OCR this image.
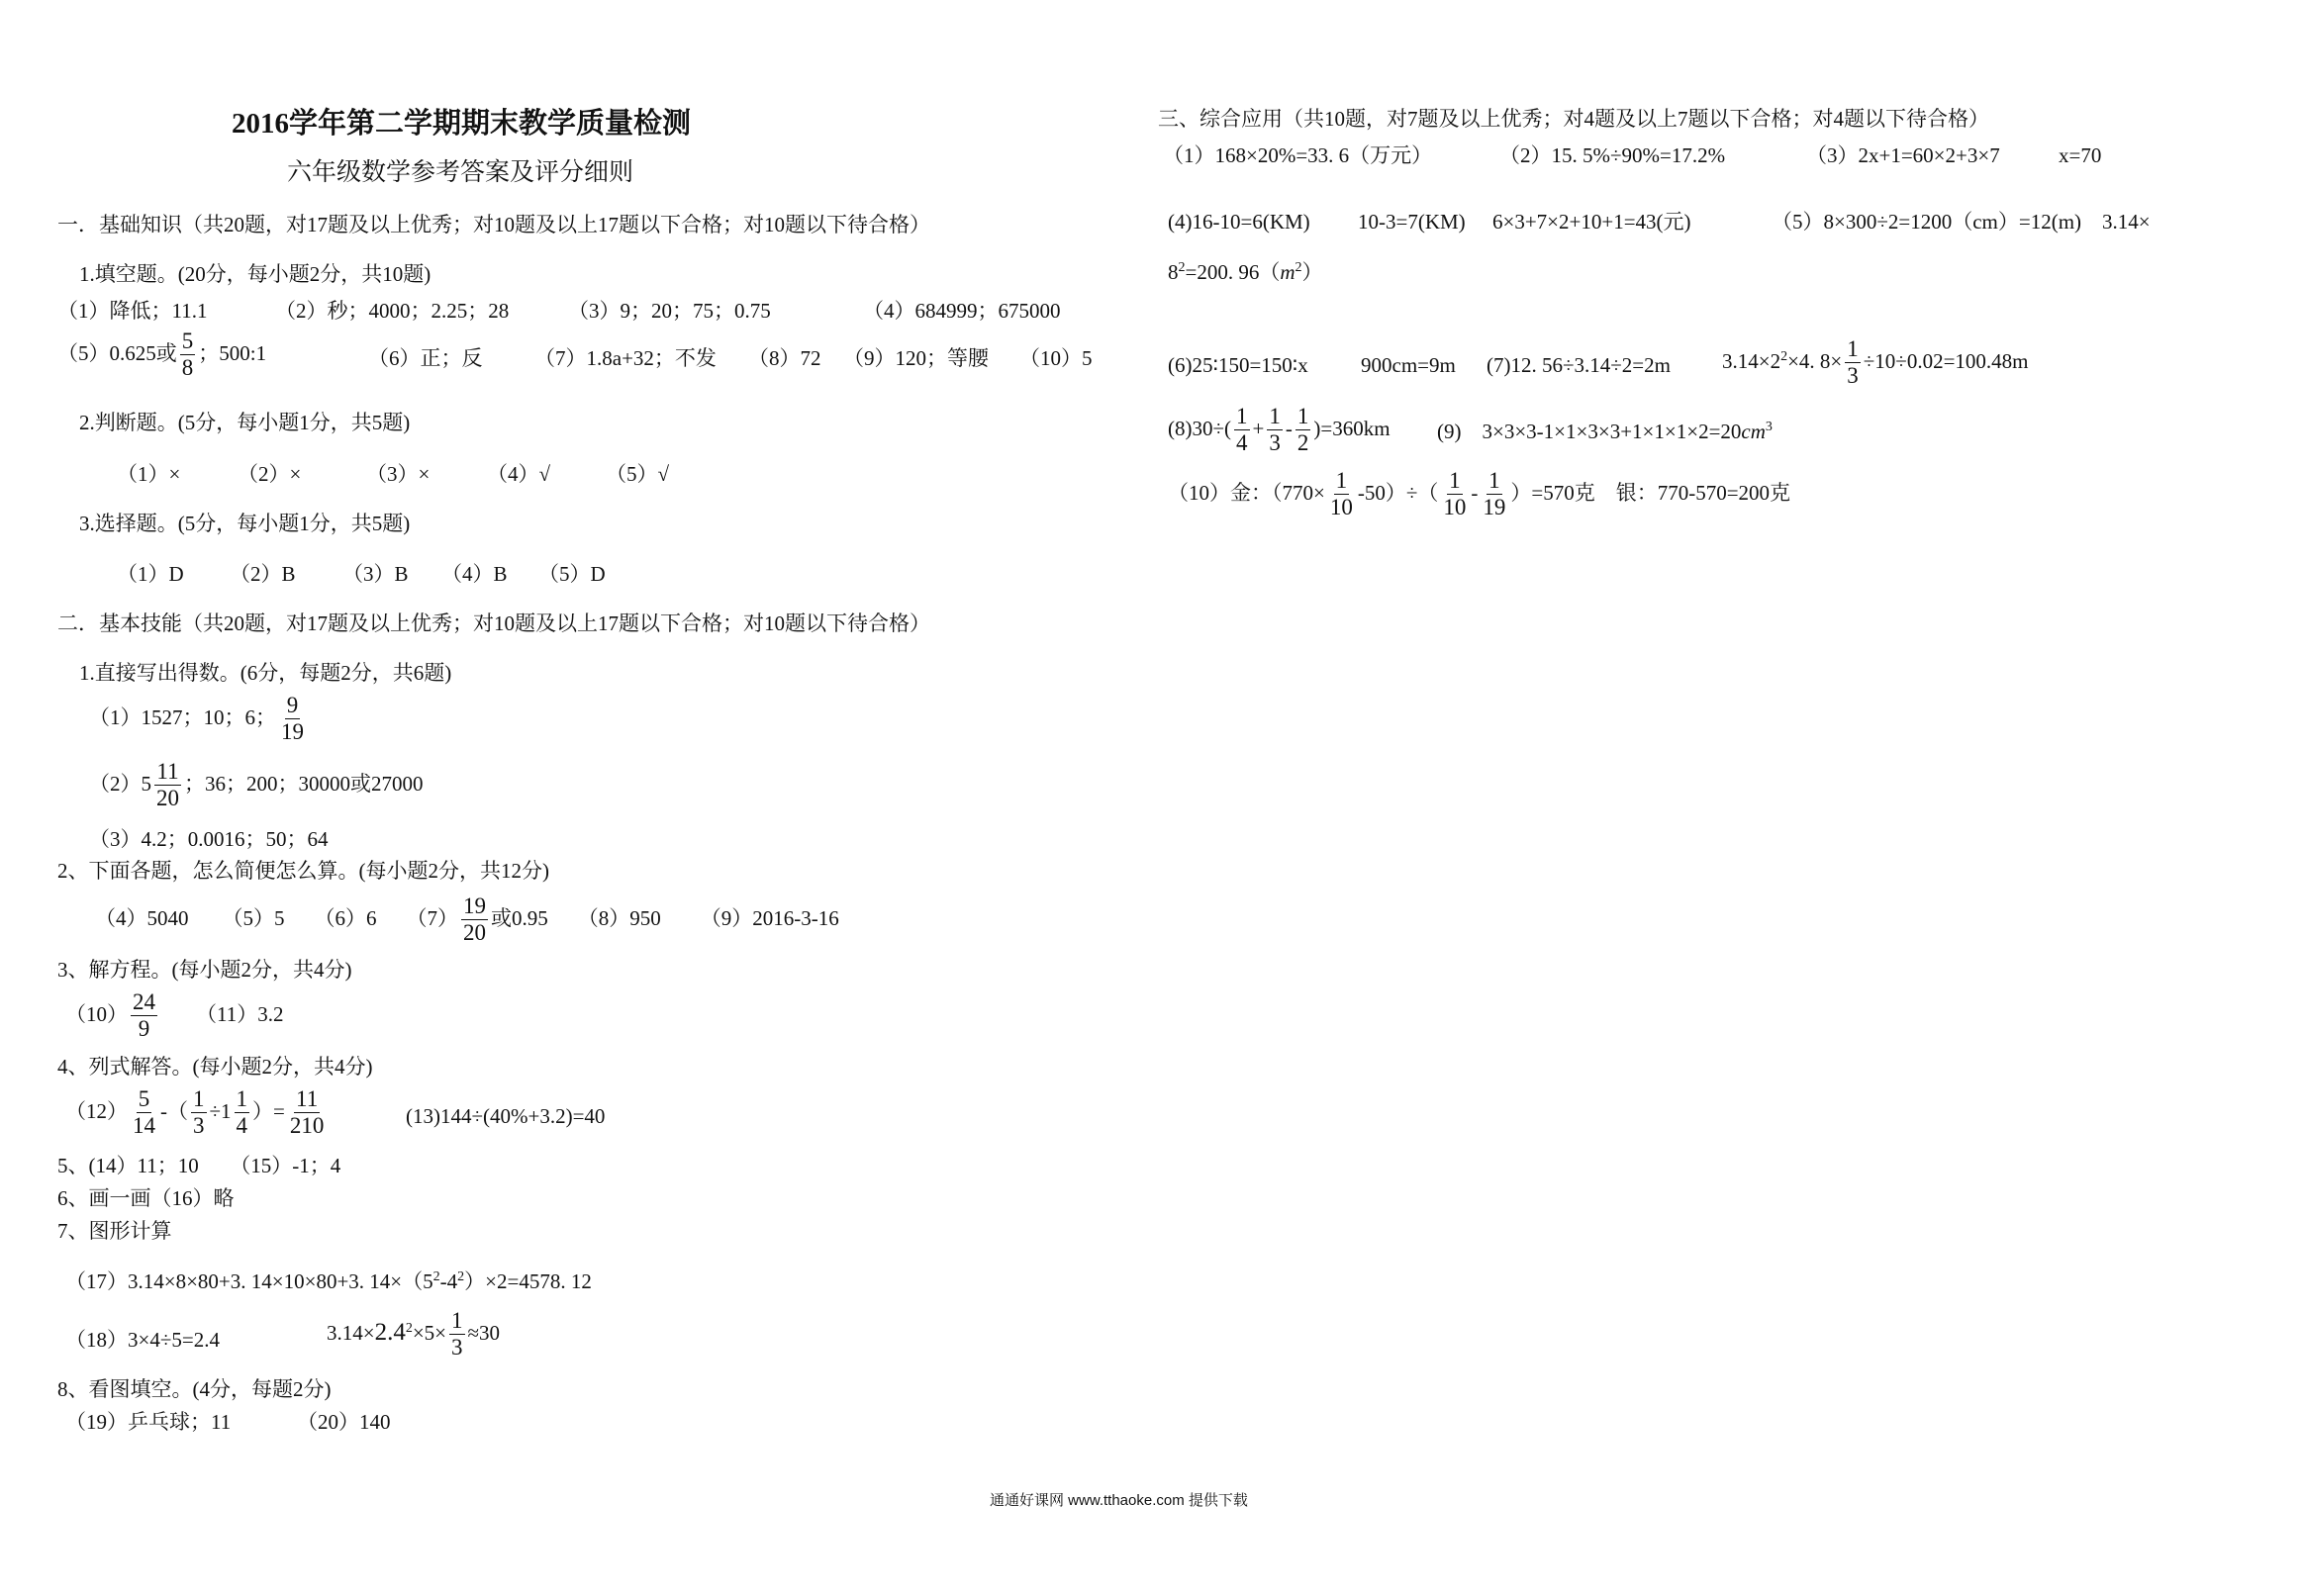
2016学年第二学期期末教学质量检测
六年级数学参考答案及评分细则
一．基础知识（共20题，对17题及以上优秀；对10题及以上17题以下合格；对10题以下待合格）
1.填空题。(20分，每小题2分，共10题)
（1）降低；11.1	（2）秒；4000；2.25；28	（3）9；20；75；0.75	（4）684999；675000
（5）0.625或 $\frac{5}{8}$ ；500:1	（6）正；反	（7）1.8a+32；不发 （8）72 （9）120；等腰 （10）5
2.判断题。(5分，每小题1分，共5题)
（1）×	（2）×	（3）×	（4）√	（5）√
3.选择题。(5分，每小题1分，共5题)
（1）D （2）B （3）B （4）B （5）D
二．基本技能（共20题，对17题及以上优秀；对10题及以上17题以下合格；对10题以下待合格）
1.直接写出得数。(6分，每题2分，共6题)
（1）1527；10；6； $\frac{9}{19}$
$(2)5 \frac{11}{20}$ ；36；200；30000或27000
（3）4.2；0.0016；50；64
2、下面各题，怎么简便怎么算。(每小题2分，共12分)
（4）5040 （5）5 （6）6 $(7) \frac{19}{20}$ 或0.95 （8）950 （9）2016-3-16
3、解方程。(每小题2分，共4分)
$(10) \frac{24}{9} (11)3.2$
4、列式解答。(每小题2分，共4分)
$(12) \frac{5}{14}$ -（ $\frac{1}{3} \div 1 \frac{1}{4}$ ）= $\frac{11}{210}$	(13)144÷(40%+3.2)=40
5、(14）11；10　　（15）-1；4
6、画一画（16）略
7、图形计算
（17）3.14×8×80+3. 14×10×80+3. $14\times(5^2-4^2)\times 2=4578$. 12
（18）3×4÷5=2.4	$3.14\times 2.4^2\times 5\times \frac{1}{3} \approx 30$
8、看图填空。(4分，每题2分)
（19）乒乓球；11	（20）140
三、综合应用（共10题，对7题及以上优秀；对4题及以上7题以下合格；对4题以下待合格）
（1）168×20%=33. 6（万元）	（2）15. 5%÷90%=17.2%	（3）2x+1=60×2+3×7	x=70
(4)16-10=6(KM) 10-3=7(KM) 6×3+7×2+10+1=43(元)	（5）8×300÷2=1200（cm）=12(m)　3.14×
$8^2=200$. $96(m^2)$
(6)25∶150=150∶x	900cm=9m (7)12. 56÷3.14÷2=2m $3.14\times 2^2\times 4$. $8\times \frac{1}{3} \div 10\div 0.02=100.48m$
$(8)30\div( \frac{1}{4} + \frac{1}{3} - \frac{1}{2} )=360km$ (9)　$3\times 3\times 3-1\times 1\times 3\times 3+1\times 1\times 1\times 2=20cm^3$
（10）金：$(770\times \frac{1}{10} -50)\div( \frac{1}{10} - \frac{1}{19} )=570$克　银：770-570=200克
通通好课网 www.tthaoke.com 提供下载
